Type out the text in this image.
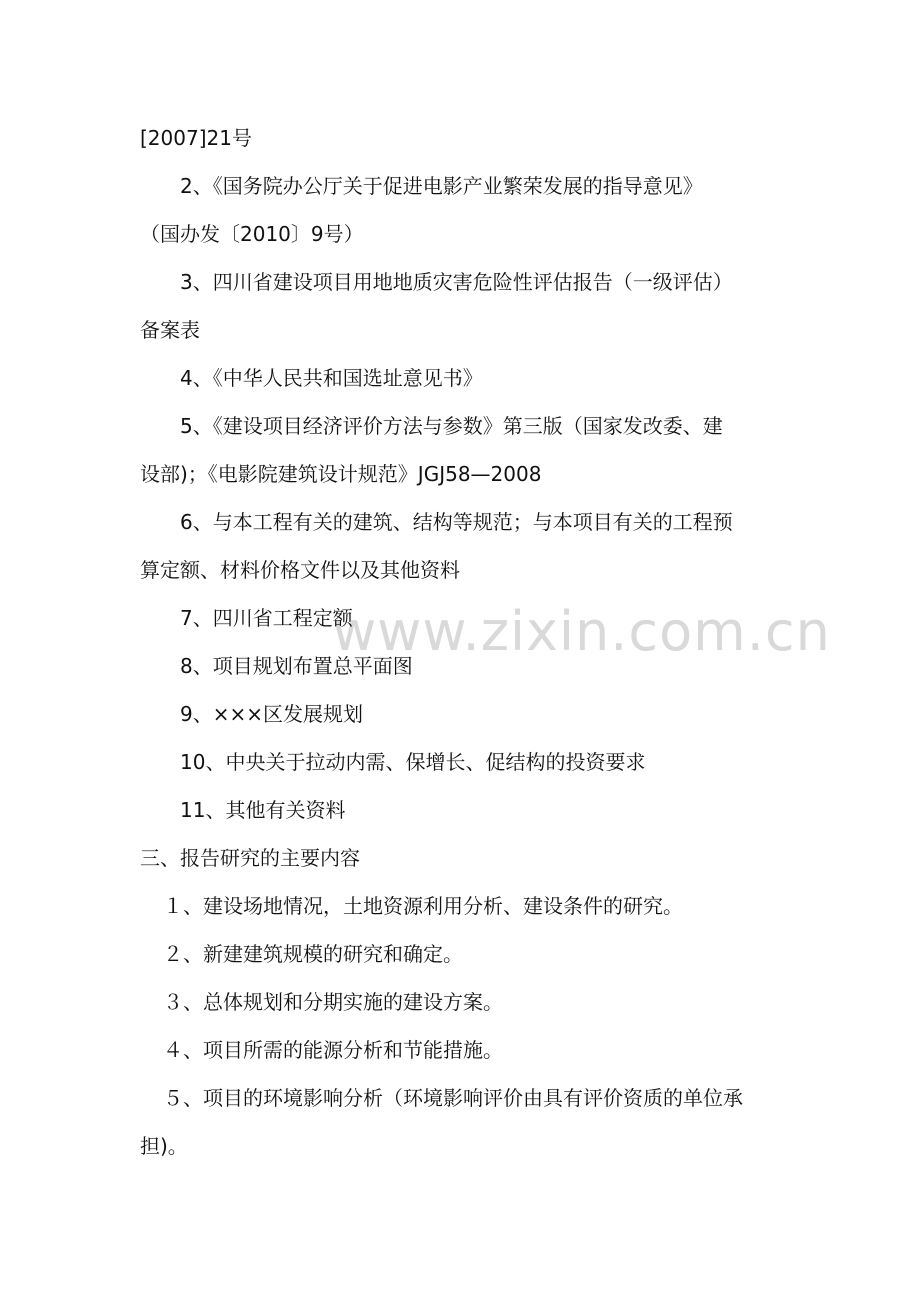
www.zixin.com.cn
[2007]21号
2、《国务院办公厅关于促进电影产业繁荣发展的指导意见》
（国办发〔2010〕9号）
3、四川省建设项目用地地质灾害危险性评估报告（一级评估）
备案表
4、《中华人民共和国选址意见书》
5、《建设项目经济评价方法与参数》第三版（国家发改委、建
设部)；《电影院建筑设计规范》JGJ58—2008
6、与本工程有关的建筑、结构等规范；与本项目有关的工程预
算定额、材料价格文件以及其他资料
7、四川省工程定额
8、项目规划布置总平面图
9、×××区发展规划
10、中央关于拉动内需、保增长、促结构的投资要求
11、其他有关资料
三、报告研究的主要内容
１、建设场地情况，土地资源利用分析、建设条件的研究。
２、新建建筑规模的研究和确定。
３、总体规划和分期实施的建设方案。
４、项目所需的能源分析和节能措施。
５、项目的环境影响分析（环境影响评价由具有评价资质的单位承
担)。
